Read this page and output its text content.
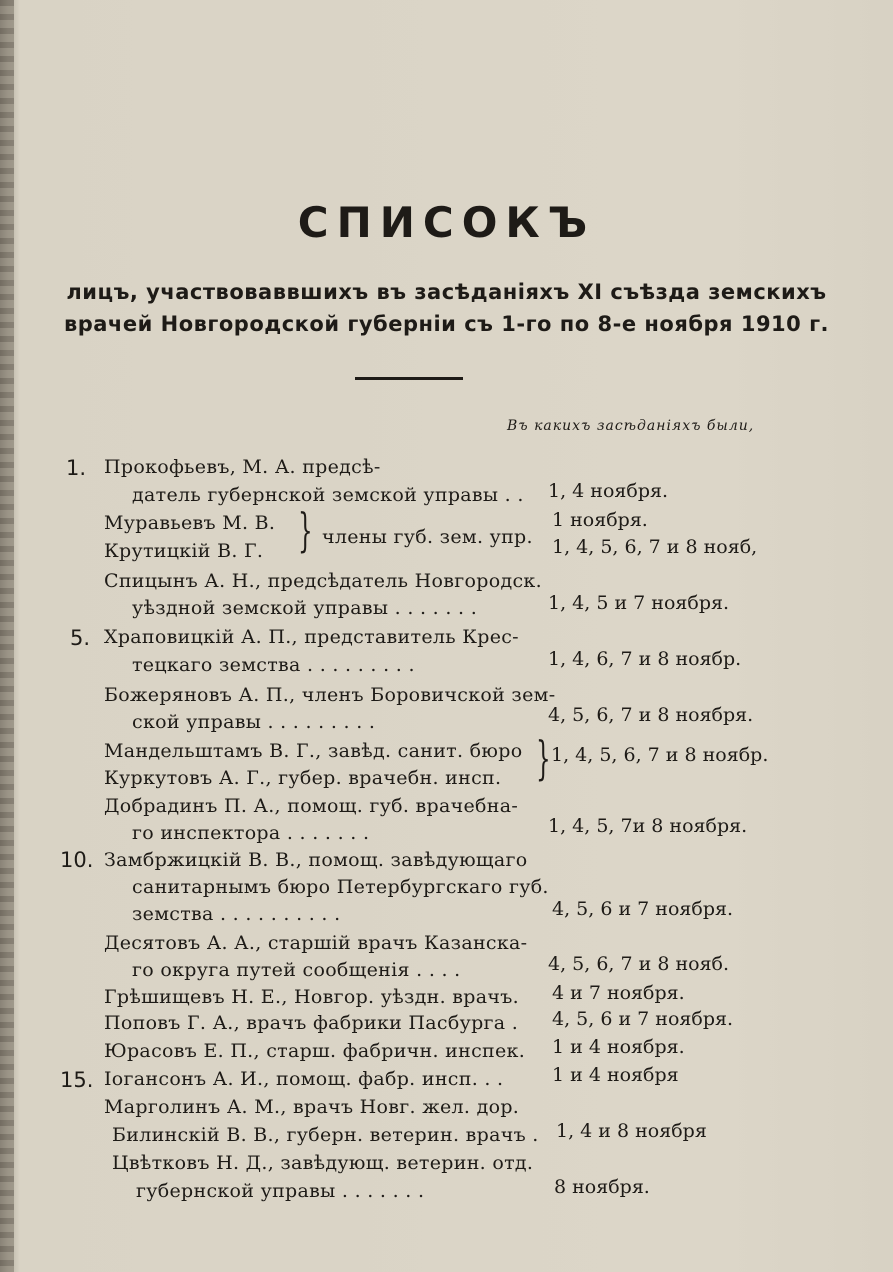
СПИСОКЪ
лицъ, участвоваввшихъ въ засѣданіяхъ XI съѣзда земскихъ
врачей Новгородской губерніи съ 1-го по 8-е ноября 1910 г.
Въ какихъ засѣданіяхъ были,
1. Прокофьевъ, М. А. предсѣ-
датель губернской земской управы . . 1, 4 ноября.
Муравьевъ М. В.	1 ноября.
Крутицкій В. Г.	1, 4, 5, 6, 7 и 8 нояб,
} члены губ. зем. упр.
Спицынъ А. Н., предсѣдатель Новгородск.
уѣздной земской управы . . . . . . .	1, 4, 5 и 7 ноября.
5. Храповицкій А. П., представитель Крес-
тецкаго земства . . . . . . . . .	1, 4, 6, 7 и 8 ноябр.
Божеряновъ А. П., членъ Боровичской зем-
ской управы . . . . . . . . .	4, 5, 6, 7 и 8 ноября.
Мандельштамъ В. Г., завѣд. санит. бюро
Куркутовъ А. Г., губер. врачебн. инсп. } 1, 4, 5, 6, 7 и 8 ноябр.
Добрадинъ П. А., помощ. губ. врачебна-
го инспектора . . . . . . .	1, 4, 5, 7и 8 ноября.
10. Замбржицкій В. В., помощ. завѣдующаго
санитарнымъ бюро Петербургскаго губ.
земства . . . . . . . . . .	4, 5, 6 и 7 ноября.
Десятовъ А. А., старшій врачъ Казанска-
го округа путей сообщенія . . . .	4, 5, 6, 7 и 8 нояб.
Грѣшищевъ Н. Е., Новгор. уѣздн. врачъ. 4 и 7 ноября.
Поповъ Г. А., врачъ фабрики Пасбурга . 4, 5, 6 и 7 ноября.
Юрасовъ Е. П., старш. фабричн. инспек. 1 и 4 ноября.
15. Іогансонъ А. И., помощ. фабр. инсп. . .	1 и 4 ноября
Марголинъ А. М., врачъ Новг. жел. дор.
Билинскій В. В., губерн. ветерин. врачъ . 1, 4 и 8 ноября
Цвѣтковъ Н. Д., завѣдующ. ветерин. отд.
губернской управы . . . . . . .	8 ноября.
